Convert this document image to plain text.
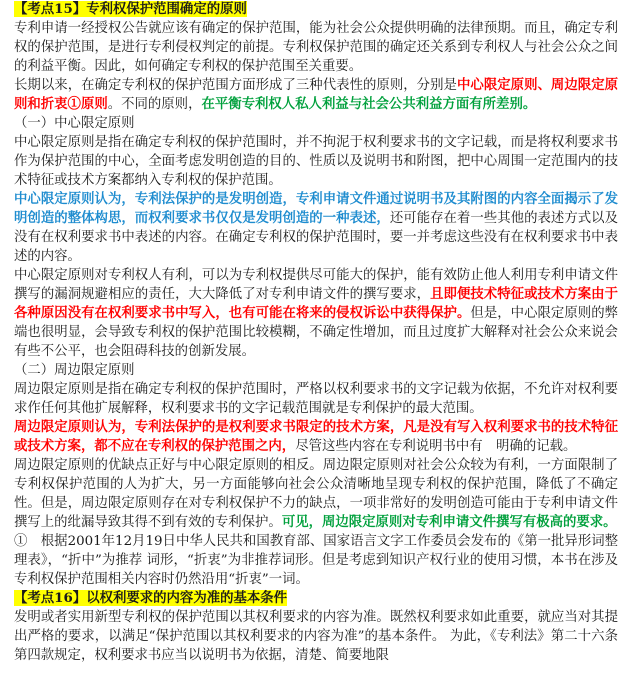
【考点15】专利权保护范围确定的原则

专利申请一经授权公告就应该有确定的保护范围，能为社会公众提供明确的法律预期。而且，确定专利权的保护范围，是进行专利侵权判定的前提。专利权保护范围的确定还关系到专利权人与社会公众之间的利益平衡。因此，如何确定专利权的保护范围至关重要。

长期以来，在确定专利权的保护范围方面形成了三种代表性的原则，分别是中心限定原则、周边限定原则和折衷①原则。不同的原则，在平衡专利权人私人利益与社会公共利益方面有所差别。

（一）中心限定原则

中心限定原则是指在确定专利权的保护范围时，并不拘泥于权利要求书的文字记载，而是将权利要求书作为保护范围的中心，全面考虑发明创造的目的、性质以及说明书和附图，把中心周围一定范围内的技术特征或技术方案都纳入专利权的保护范围。

中心限定原则认为，专利法保护的是发明创造，专利申请文件通过说明书及其附图的内容全面揭示了发明创造的整体构思，而权利要求书仅仅是发明创造的一种表述，还可能存在着一些其他的表述方式以及没有在权利要求书中表述的内容。在确定专利权的保护范围时，要一并考虑这些没有在权利要求书中表述的内容。

中心限定原则对专利权人有利，可以为专利权提供尽可能大的保护，能有效防止他人利用专利申请文件撰写的漏洞规避相应的责任，大大降低了对专利申请文件的撰写要求，且即便技术特征或技术方案由于各种原因没有在权利要求书中写入，也有可能在将来的侵权诉讼中获得保护。但是，中心限定原则的弊端也很明显，会导致专利权的保护范围比较模糊，不确定性增加，而且过度扩大解释对社会公众来说会有些不公平，也会阻碍科技的创新发展。

（二）周边限定原则

周边限定原则是指在确定专利权的保护范围时，严格以权利要求书的文字记载为依据，不允许对权利要求作任何其他扩展解释，权利要求书的文字记载范围就是专利保护的最大范围。

周边限定原则认为，专利法保护的是权利要求书限定的技术方案，凡是没有写入权利要求书的技术特征或技术方案，都不应在专利权的保护范围之内，尽管这些内容在专利说明书中有　明确的记载。

周边限定原则的优缺点正好与中心限定原则的相反。周边限定原则对社会公众较为有利，一方面限制了专利权保护范围的人为扩大，另一方面能够向社会公众清晰地呈现专利权的保护范围，降低了不确定性。但是，周边限定原则存在对专利权保护不力的缺点，一项非常好的发明创造可能由于专利申请文件撰写上的纰漏导致其得不到有效的专利保护。可见，周边限定原则对专利申请文件撰写有极高的要求。

①　根据2001年12月19日中华人民共和国教育部、国家语言文字工作委员会发布的《第一批异形词整理表》，“折中”为推荐 词形，“折衷”为非推荐词形。但是考虑到知识产权行业的使用习惯，本书在涉及专利权保护范围相关内容时仍然沿用“折衷”一词。

【考点16】以权利要求的内容为准的基本条件

发明或者实用新型专利权的保护范围以其权利要求的内容为准。既然权利要求如此重要，就应当对其提出严格的要求，以满足“保护范围以其权利要求的内容为准”的基本条件。 为此，《专利法》第二十六条第四款规定，权利要求书应当以说明书为依据，清楚、简要地限
